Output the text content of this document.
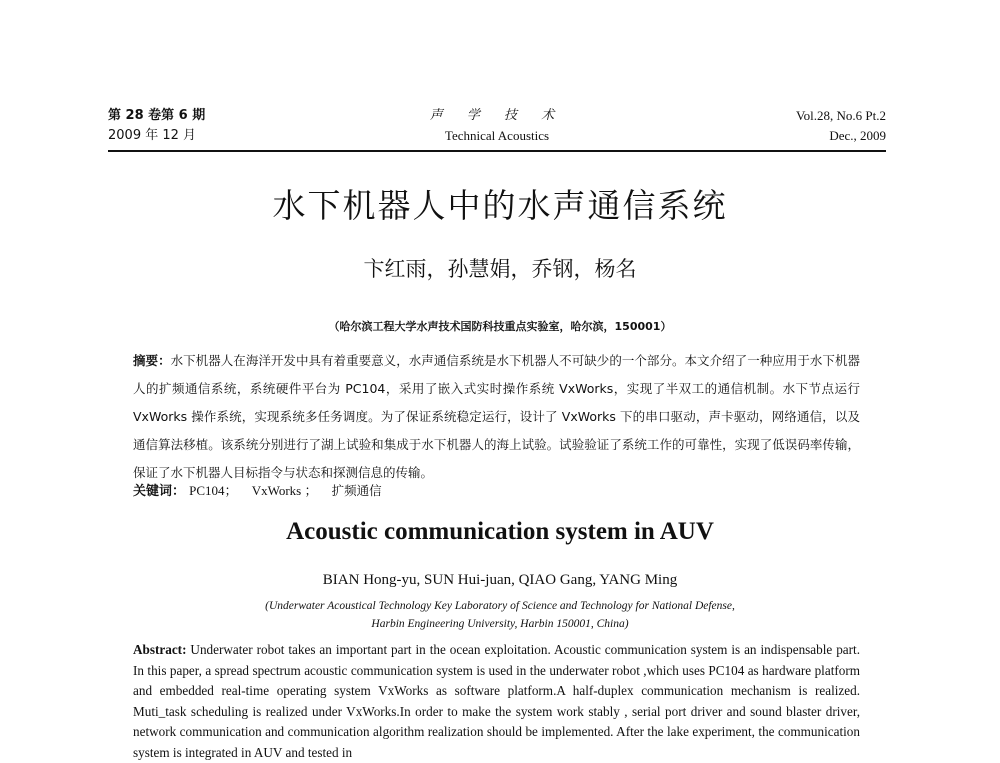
第 28 卷第 6 期
2009 年 12 月
声 学 技 术
Technical Acoustics
Vol.28, No.6 Pt.2
Dec., 2009
水下机器人中的水声通信系统
卞红雨，孙慧娟，乔钢，杨名
（哈尔滨工程大学水声技术国防科技重点实验室，哈尔滨，150001）
摘要：水下机器人在海洋开发中具有着重要意义，水声通信系统是水下机器人不可缺少的一个部分。本文介绍了一种应用于水下机器人的扩频通信系统，系统硬件平台为 PC104，采用了嵌入式实时操作系统 VxWorks，实现了半双工的通信机制。水下节点运行 VxWorks 操作系统，实现系统多任务调度。为了保证系统稳定运行，设计了 VxWorks 下的串口驱动，声卡驱动，网络通信，以及通信算法移植。该系统分别进行了湖上试验和集成于水下机器人的海上试验。试验验证了系统工作的可靠性，实现了低误码率传输，保证了水下机器人目标指令与状态和探测信息的传输。
关键词： PC104； VxWorks ； 扩频通信
Acoustic communication system in AUV
BIAN Hong-yu, SUN Hui-juan, QIAO Gang, YANG Ming
(Underwater Acoustical Technology Key Laboratory of Science and Technology for National Defense,
Harbin Engineering University, Harbin 150001, China)
Abstract: Underwater robot takes an important part in the ocean exploitation. Acoustic communication system is an indispensable part. In this paper, a spread spectrum acoustic communication system is used in the underwater robot ,which uses PC104 as hardware platform and embedded real-time operating system VxWorks as software platform.A half-duplex communication mechanism is realized. Muti_task scheduling is realized under VxWorks.In order to make the system work stably , serial port driver and sound blaster driver, network communication and communication algorithm realization should be implemented. After the lake experiment, the communication system is integrated in AUV and tested in
